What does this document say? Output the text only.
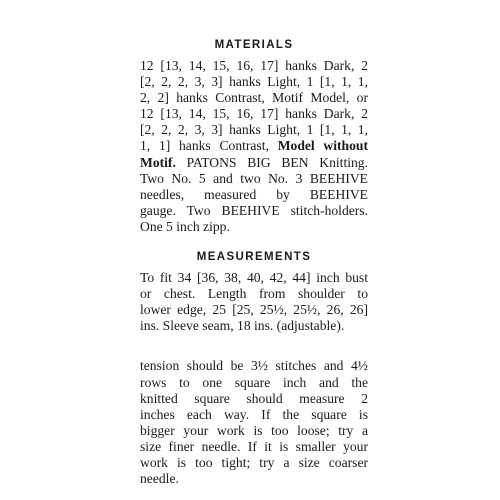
MATERIALS
12 [13, 14, 15, 16, 17] hanks Dark, 2
[2, 2, 2, 3, 3] hanks Light, 1 [1, 1, 1,
2, 2] hanks Contrast, Motif Model, or
12 [13, 14, 15, 16, 17] hanks Dark, 2
[2, 2, 2, 3, 3] hanks Light, 1 [1, 1, 1,
1, 1] hanks Contrast, Model without
Motif. PATONS BIG BEN Knitting.
Two No. 5 and two No. 3 BEEHIVE
needles, measured by BEEHIVE
gauge. Two BEEHIVE stitch-holders.
One 5 inch zipp.
MEASUREMENTS
To fit 34 [36, 38, 40, 42, 44] inch bust
or chest. Length from shoulder to
lower edge, 25 [25, 25½, 25½, 26, 26]
ins. Sleeve seam, 18 ins. (adjustable).
tension should be 3½ stitches and 4½
rows to one square inch and the
knitted square should measure 2
inches each way. If the square is
bigger your work is too loose; try a
size finer needle. If it is smaller your
work is too tight; try a size coarser
needle.
